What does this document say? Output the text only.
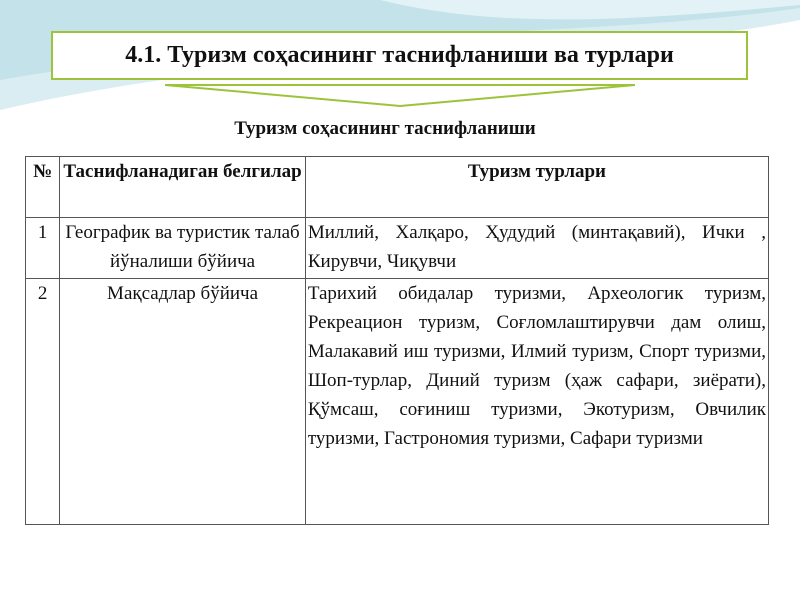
4.1. Туризм соҳасининг таснифланиши ва турлари
Туризм соҳасининг таснифланиши
№	Таснифланадиган белгилар	Туризм турлари
1	Географик ва туристик талаб йўналиши бўйича	Миллий, Халқаро, Ҳудудий (минтақавий), Ички , Кирувчи, Чиқувчи
2	Мақсадлар бўйича	Тарихий обидалар туризми, Археологик туризм, Рекреацион туризм, Соғломлаштирувчи дам олиш, Малакавий иш туризми, Илмий туризм, Спорт туризми, Шоп-турлар, Диний туризм (ҳаж сафари, зиёрати), Қўмсаш, соғиниш туризми, Экотуризм, Овчилик туризми, Гастрономия туризми, Сафари туризми
